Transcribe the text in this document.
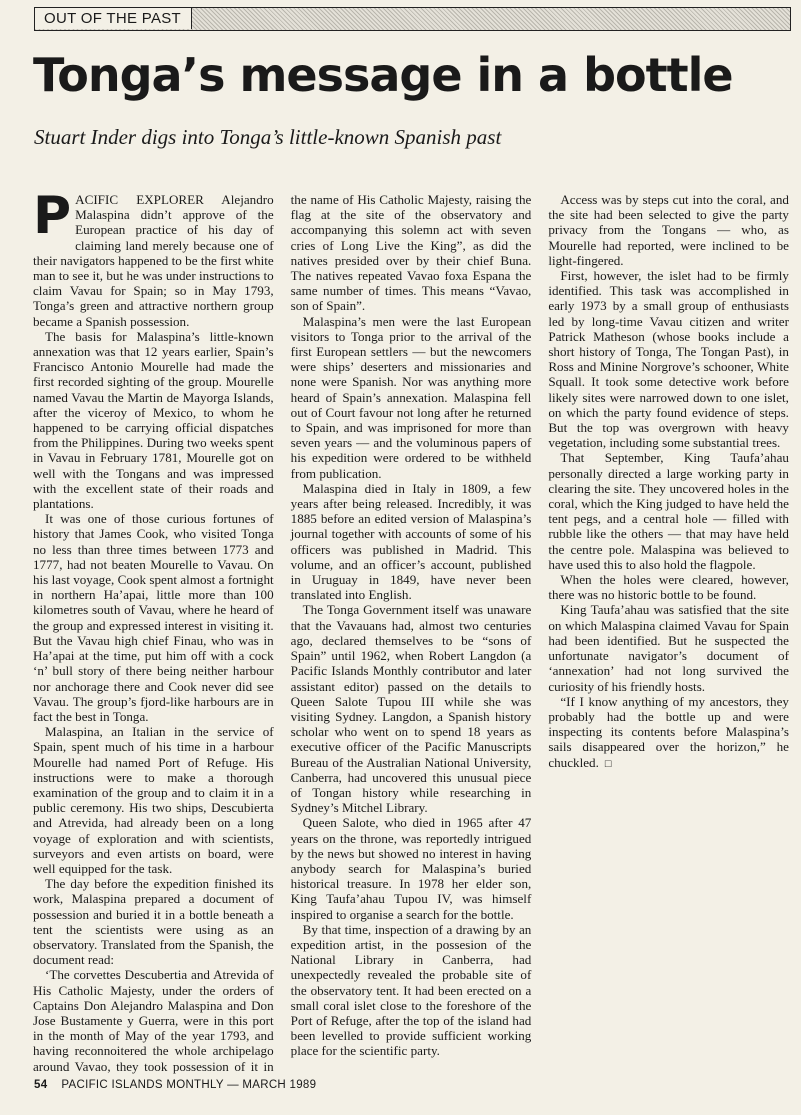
OUT OF THE PAST
Tonga’s message in a bottle

Stuart Inder digs into Tonga’s little-known Spanish past

PACIFIC EXPLORER Alejandro Malaspina didn’t approve of the European practice of his day of claiming land merely because one of their navigators happened to be the first white man to see it, but he was under instructions to claim Vavau for Spain; so in May 1793, Tonga’s green and attractive northern group became a Spanish possession.

The basis for Malaspina’s little-known annexation was that 12 years earlier, Spain’s Francisco Antonio Mourelle had made the first recorded sighting of the group. Mourelle named Vavau the Martin de Mayorga Islands, after the viceroy of Mexico, to whom he happened to be carrying official dispatches from the Philippines. During two weeks spent in Vavau in February 1781, Mourelle got on well with the Tongans and was impressed with the excellent state of their roads and plantations.

It was one of those curious fortunes of history that James Cook, who visited Tonga no less than three times between 1773 and 1777, had not beaten Mourelle to Vavau. On his last voyage, Cook spent almost a fortnight in northern Ha’apai, little more than 100 kilometres south of Vavau, where he heard of the group and expressed interest in visiting it. But the Vavau high chief Finau, who was in Ha’apai at the time, put him off with a cock ‘n’ bull story of there being neither harbour nor anchorage there and Cook never did see Vavau. The group’s fjord-like harbours are in fact the best in Tonga.

Malaspina, an Italian in the service of Spain, spent much of his time in a harbour Mourelle had named Port of Refuge. His instructions were to make a thorough examination of the group and to claim it in a public ceremony. His two ships, Descubierta and Atrevida, had already been on a long voyage of exploration and with scientists, surveyors and even artists on board, were well equipped for the task.

The day before the expedition finished its work, Malaspina prepared a document of possession and buried it in a bottle beneath a tent the scientists were using as an observatory. Translated from the Spanish, the document read:

‘The corvettes Descubertia and Atrevida of His Catholic Majesty, under the orders of Captains Don Alejandro Malaspina and Don Jose Bustamente y Guerra, were in this port in the month of May of the year 1793, and having reconnoitered the whole archipelago around Vavao, they took possession of it in the name of His Catholic Majesty, raising the flag at the site of the observatory and accompanying this solemn act with seven cries of Long Live the King”, as did the natives presided over by their chief Buna. The natives repeated Vavao foxa Espana the same number of times. This means “Vavao, son of Spain”.

Malaspina’s men were the last European visitors to Tonga prior to the arrival of the first European settlers — but the newcomers were ships’ deserters and missionaries and none were Spanish. Nor was anything more heard of Spain’s annexation. Malaspina fell out of Court favour not long after he returned to Spain, and was imprisoned for more than seven years — and the voluminous papers of his expedition were ordered to be withheld from publication.

Malaspina died in Italy in 1809, a few years after being released. Incredibly, it was 1885 before an edited version of Malaspina’s journal together with accounts of some of his officers was published in Madrid. This volume, and an officer’s account, published in Uruguay in 1849, have never been translated into English.

The Tonga Government itself was unaware that the Vavauans had, almost two centuries ago, declared themselves to be “sons of Spain” until 1962, when Robert Langdon (a Pacific Islands Monthly contributor and later assistant editor) passed on the details to Queen Salote Tupou III while she was visiting Sydney. Langdon, a Spanish history scholar who went on to spend 18 years as executive officer of the Pacific Manuscripts Bureau of the Australian National University, Canberra, had uncovered this unusual piece of Tongan history while researching in Sydney’s Mitchel Library.

Queen Salote, who died in 1965 after 47 years on the throne, was reportedly intrigued by the news but showed no interest in having anybody search for Malaspina’s buried historical treasure. In 1978 her elder son, King Taufa’ahau Tupou IV, was himself inspired to organise a search for the bottle.

By that time, inspection of a drawing by an expedition artist, in the possesion of the National Library in Canberra, had unexpectedly revealed the probable site of the observatory tent. It had been erected on a small coral islet close to the foreshore of the Port of Refuge, after the top of the island had been levelled to provide sufficient working place for the scientific party.

Access was by steps cut into the coral, and the site had been selected to give the party privacy from the Tongans — who, as Mourelle had reported, were inclined to be light-fingered.

First, however, the islet had to be firmly identified. This task was accomplished in early 1973 by a small group of enthusiasts led by long-time Vavau citizen and writer Patrick Matheson (whose books include a short history of Tonga, The Tongan Past), in Ross and Minine Norgrove’s schooner, White Squall. It took some detective work before likely sites were narrowed down to one islet, on which the party found evidence of steps. But the top was overgrown with heavy vegetation, including some substantial trees.

That September, King Taufa’ahau personally directed a large working party in clearing the site. They uncovered holes in the coral, which the King judged to have held the tent pegs, and a central hole — filled with rubble like the others — that may have held the centre pole. Malaspina was believed to have used this to also hold the flagpole.

When the holes were cleared, however, there was no historic bottle to be found.

King Taufa’ahau was satisfied that the site on which Malaspina claimed Vavau for Spain had been identified. But he suspected the unfortunate navigator’s document of ‘annexation’ had not long survived the curiosity of his friendly hosts.

“If I know anything of my ancestors, they probably had the bottle up and were inspecting its contents before Malaspina’s sails disappeared over the horizon,” he chuckled. □

54 PACIFIC ISLANDS MONTHLY — MARCH 1989
